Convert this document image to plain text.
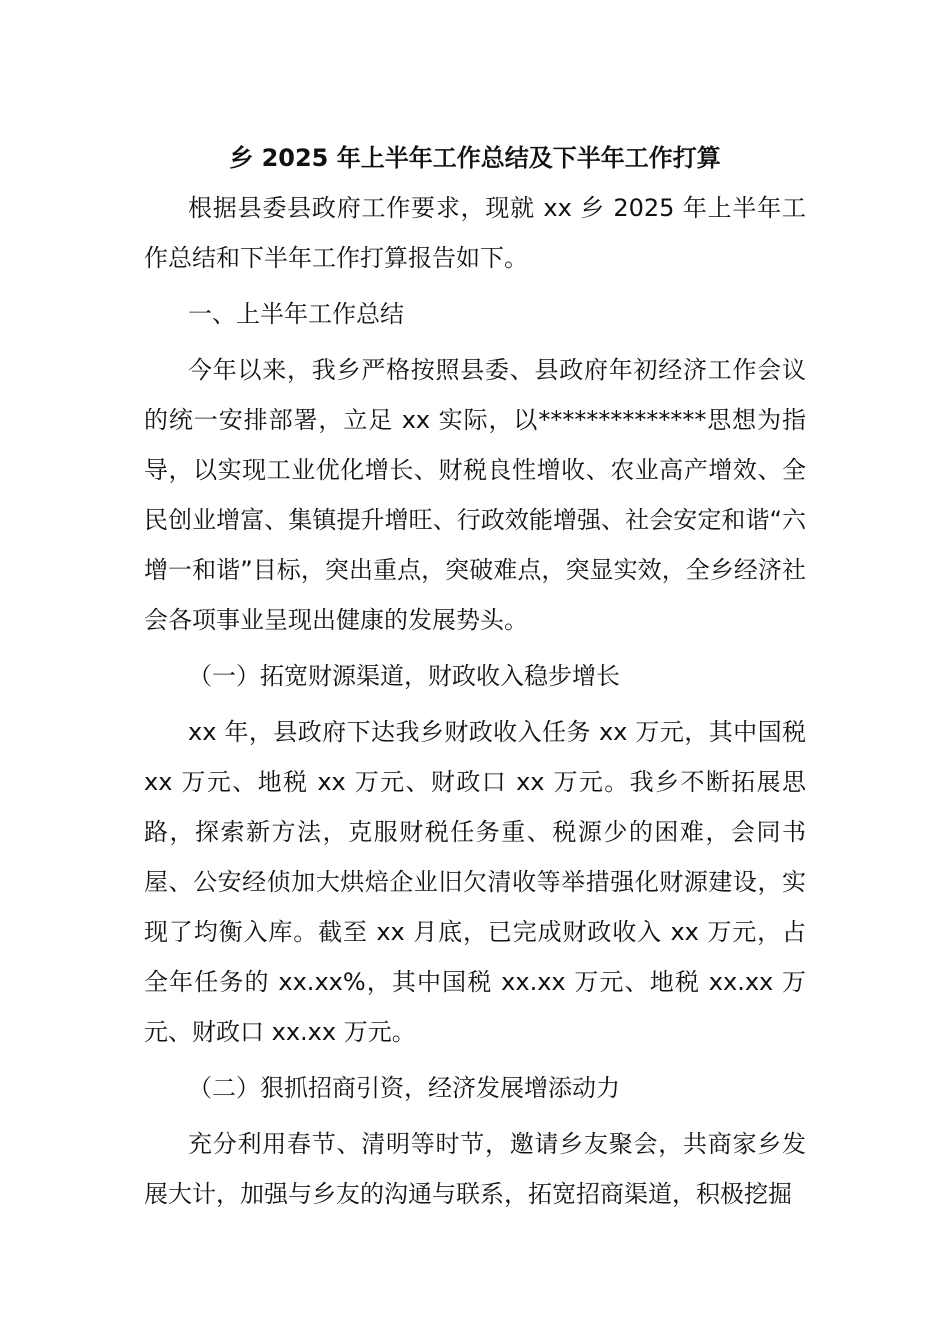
乡 2025 年上半年工作总结及下半年工作打算

根据县委县政府工作要求，现就 xx 乡 2025 年上半年工作总结和下半年工作打算报告如下。

一、上半年工作总结

今年以来，我乡严格按照县委、县政府年初经济工作会议的统一安排部署，立足 xx 实际，以**************思想为指导，以实现工业优化增长、财税良性增收、农业高产增效、全民创业增富、集镇提升增旺、行政效能增强、社会安定和谐“六增一和谐”目标，突出重点，突破难点，突显实效，全乡经济社会各项事业呈现出健康的发展势头。

（一）拓宽财源渠道，财政收入稳步增长

xx 年，县政府下达我乡财政收入任务 xx 万元，其中国税 xx 万元、地税 xx 万元、财政口 xx 万元。我乡不断拓展思路，探索新方法，克服财税任务重、税源少的困难，会同书屋、公安经侦加大烘焙企业旧欠清收等举措强化财源建设，实现了均衡入库。截至 xx 月底，已完成财政收入 xx 万元，占全年任务的 xx.xx%，其中国税 xx.xx 万元、地税 xx.xx 万元、财政口 xx.xx 万元。

（二）狠抓招商引资，经济发展增添动力

充分利用春节、清明等时节，邀请乡友聚会，共商家乡发展大计，加强与乡友的沟通与联系，拓宽招商渠道，积极挖掘
